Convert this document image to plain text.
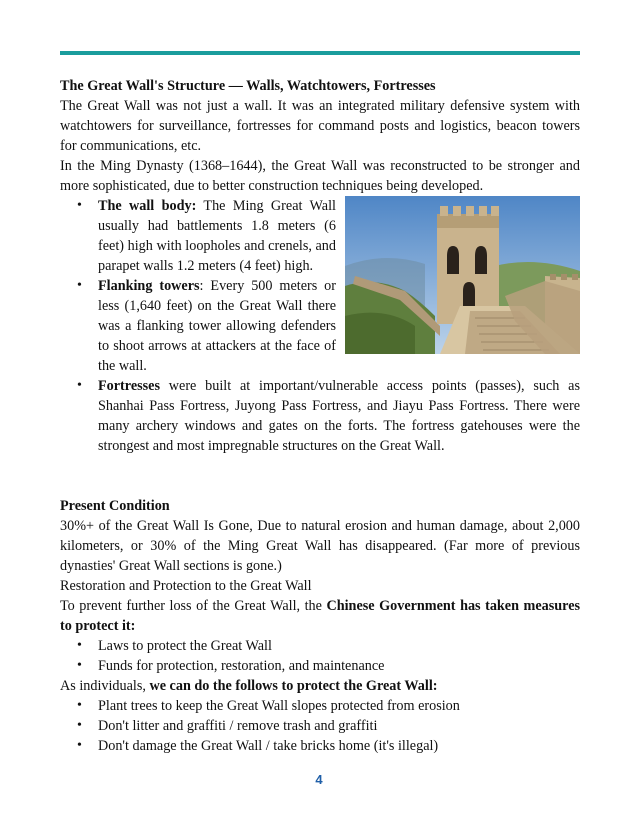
The Great Wall's Structure — Walls, Watchtowers, Fortresses

The Great Wall was not just a wall. It was an integrated military defensive system with watchtowers for surveillance, fortresses for command posts and logistics, beacon towers for communications, etc.

In the Ming Dynasty (1368–1644), the Great Wall was reconstructed to be stronger and more sophisticated, due to better construction techniques being developed.

• The wall body: The Ming Great Wall usually had battlements 1.8 meters (6 feet) high with loopholes and crenels, and parapet walls 1.2 meters (4 feet) high.
• Flanking towers: Every 500 meters or less (1,640 feet) on the Great Wall there was a flanking tower allowing defenders to shoot arrows at attackers at the face of the wall.
• Fortresses were built at important/vulnerable access points (passes), such as Shanhai Pass Fortress, Juyong Pass Fortress, and Jiayu Pass Fortress. There were many archery windows and gates on the forts. The fortress gatehouses were the strongest and most impregnable structures on the Great Wall.
Present Condition

30%+ of the Great Wall Is Gone, Due to natural erosion and human damage, about 2,000 kilometers, or 30% of the Ming Great Wall has disappeared. (Far more of previous dynasties' Great Wall sections is gone.)

Restoration and Protection to the Great Wall

To prevent further loss of the Great Wall, the Chinese Government has taken measures to protect it:

• Laws to protect the Great Wall
• Funds for protection, restoration, and maintenance

As individuals, we can do the follows to protect the Great Wall:

• Plant trees to keep the Great Wall slopes protected from erosion
• Don't litter and graffiti / remove trash and graffiti
• Don't damage the Great Wall / take bricks home (it's illegal)
4
